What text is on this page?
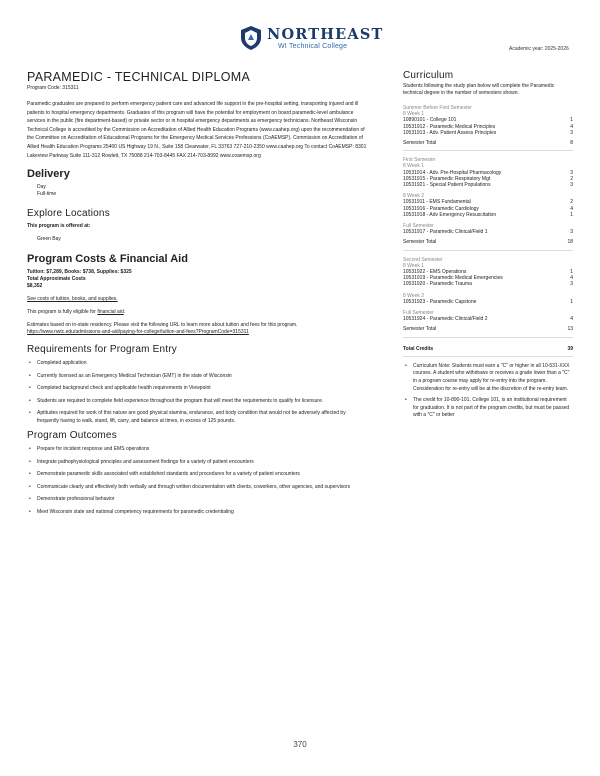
NORTHEAST
WI Technical College	Academic year: 2025-2026
PARAMEDIC - TECHNICAL DIPLOMA
Program Code: 315311

Paramedic graduates are prepared to perform emergency patient care and advanced life support in the pre-hospital setting, transporting injured and ill patients to hospital emergency departments. Graduates of this program will have the potential for employment on board paramedic-level ambulance services in the public (fire department-based) or private sector or in hospital emergency departments as emergency technicians. Northeast Wisconsin Technical College is accredited by the Commission on Accreditation of Allied Health Education Programs (www.caahep.org) upon the recommendation of the Committee on Accreditation of Educational Programs for the Emergency Medical Services Professions (CoAEMSP). Commission on Accreditation of Allied Health Education Programs 25400 US Highway 19 N., Suite 158 Clearwater, FL 33763 727-210-2350 www.caahep.org To contact CoAEMSP: 8301 Lakeview Parkway Suite 111-312 Rowlett, TX 75088 214-703-8445 FAX 214-703-8992 www.coaemsp.org

Delivery
Day
Full-time
Explore Locations
This program is offered at:
Green Bay
Program Costs & Financial Aid
Tuition: $7,289, Books: $738, Supplies: $325
Total Approximate Costs
$8,352
See costs of tuition, books, and supplies.
This program is fully eligible for financial aid.
Estimates based on in-state residency. Please visit the following URL to learn more about tuition and fees for this program.
https://www.nwtc.edu/admissions-and-aid/paying-for-college/tuition-and-fees?ProgramCode=315311
Requirements for Program Entry
• Completed application
• Currently licensed as an Emergency Medical Technician (EMT) in the state of Wisconsin
• Completed background check and applicable health requirements in Viewpoint
• Students are required to complete field experience throughout the program that will meet the requirements to qualify for licensure.
• Aptitudes required for work of this nature are good physical stamina, endurance, and body condition that would not be adversely affected by frequently having to walk, stand, lift, carry, and balance at times, in excess of 125 pounds.
Program Outcomes
• Prepare for incident response and EMS operations
• Integrate pathophysiological principles and assessment findings for a variety of patient encounters
• Demonstrate paramedic skills associated with established standards and procedures for a variety of patient encounters
• Communicate clearly and effectively both verbally and through written documentation with clients, coworkers, other agencies, and supervisors
• Demonstrate professional behavior
• Meet Wisconsin state and national competency requirements for paramedic credentialing
Curriculum
Students following the study plan below will complete the Paramedic technical degree in the number of semesters shown.
Summer Before First Semester
8 Week 1
10890101 - College 101	1
10531912 - Paramedic Medical Principles	4
10531913 - Adv. Patient Assess Principles	3
Semester Total	8
First Semester
8 Week 1
10531914 - Adv. Pre-Hospital Pharmacology	3
10531915 - Paramedic Respiratory Mgt	2
10531921 - Special Patient Populations	3
8 Week 2
10531911 - EMS Fundamental	2
10531916 - Paramedic Cardiology	4
10531918 - Adv Emergency Resuscitation	1
Full Semester
10531917 - Paramedic Clinical/Field 1	3
Semester Total	18
Second Semester
8 Week 1
10531922 - EMS Operations	1
10531919 - Paramedic Medical Emergencies	4
10531920 - Paramedic Trauma	3
8 Week 2
10531923 - Paramedic Capstone	1
Full Semester
10531924 - Paramedic Clinical/Field 2	4
Semester Total	13
Total Credits	39
• Curriculum Note: Students must earn a "C" or higher in all 10-531-XXX courses. A student who withdraws or receives a grade lower than a "C" in a program course may apply for re-entry into the program. Consideration for re-entry will be at the discretion of the re-entry team.
• The credit for 10-890-101, College 101, is an institutional requirement for graduation. It is not part of the program credits, but must be passed with a "C" or better
370
